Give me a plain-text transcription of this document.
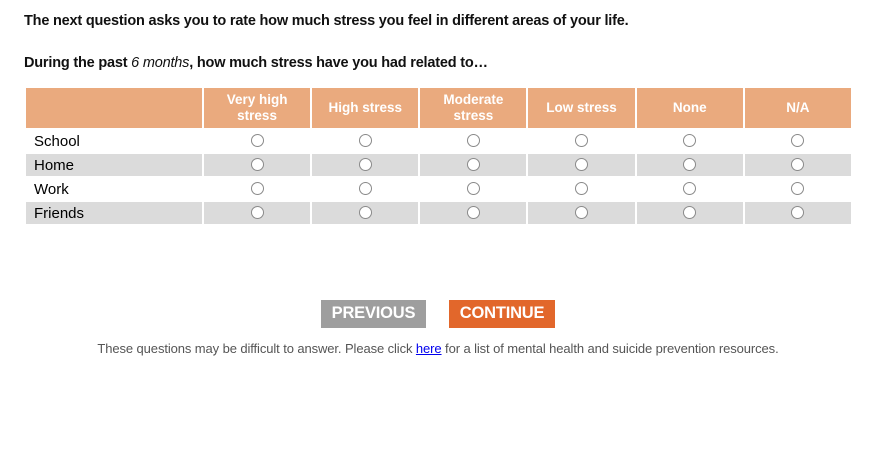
The next question asks you to rate how much stress you feel in different areas of your life.

During the past 6 months, how much stress have you had related to…

	Very high stress	High stress	Moderate stress	Low stress	None	N/A
School						
Home						
Work						
Friends						
PREVIOUS	CONTINUE

These questions may be difficult to answer. Please click here for a list of mental health and suicide prevention resources.
